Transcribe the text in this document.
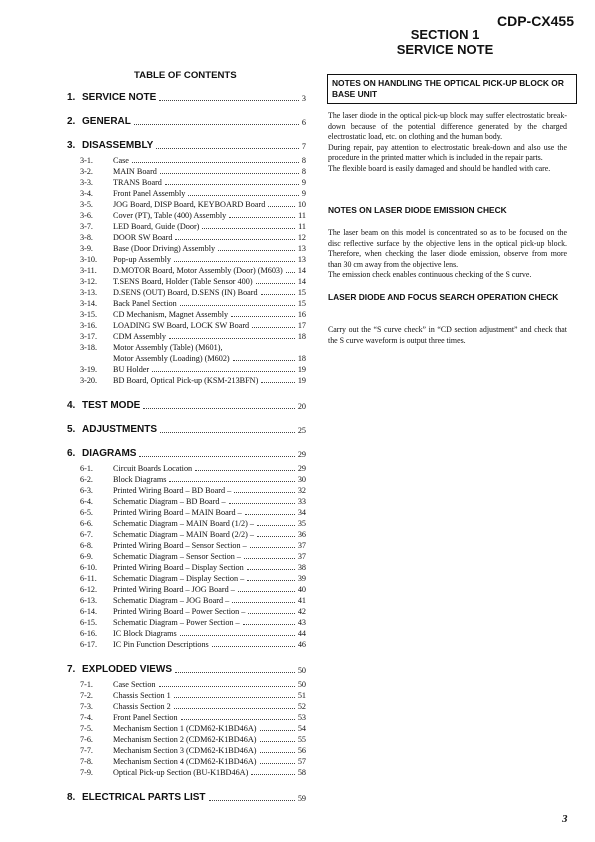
CDP-CX455
SECTION 1
SERVICE NOTE
TABLE OF CONTENTS
1. SERVICE NOTE	3
2. GENERAL	6
3. DISASSEMBLY	7
3-1.	Case	8
3-2.	MAIN Board	8
3-3.	TRANS Board	9
3-4.	Front Panel Assembly	9
3-5.	JOG Board, DISP Board, KEYBOARD Board	10
3-6.	Cover (PT), Table (400) Assembly	11
3-7.	LED Board, Guide (Door)	11
3-8.	DOOR SW Board	12
3-9.	Base (Door Driving) Assembly	13
3-10.	Pop-up Assembly	13
3-11.	D.MOTOR Board, Motor Assembly (Door) (M603) 14
3-12.	T.SENS Board, Holder (Table Sensor 400)	14
3-13.	D.SENS (OUT) Board, D.SENS (IN) Board	15
3-14.	Back Panel Section	15
3-15.	CD Mechanism, Magnet Assembly	16
3-16.	LOADING SW Board, LOCK SW Board	17
3-17.	CDM Assembly	18
3-18.	Motor Assembly (Table) (M601),
Motor Assembly (Loading) (M602)	18
3-19.	BU Holder	19
3-20.	BD Board, Optical Pick-up (KSM-213BFN)	19
4. TEST MODE	20
5. ADJUSTMENTS	25
6. DIAGRAMS	29
6-1.	Circuit Boards Location	29
6-2.	Block Diagrams	30
6-3.	Printed Wiring Board – BD Board –	32
6-4.	Schematic Diagram – BD Board –	33
6-5.	Printed Wiring Board – MAIN Board –	34
6-6.	Schematic Diagram – MAIN Board (1/2) –	35
6-7.	Schematic Diagram – MAIN Board (2/2) –	36
6-8.	Printed Wiring Board – Sensor Section –	37
6-9.	Schematic Diagram – Sensor Section –	37
6-10.	Printed Wiring Board – Display Section	38
6-11.	Schematic Diagram – Display Section –	39
6-12.	Printed Wiring Board – JOG Board –	40
6-13.	Schematic Diagram – JOG Board –	41
6-14.	Printed Wiring Board – Power Section –	42
6-15.	Schematic Diagram – Power Section –	43
6-16.	IC Block Diagrams	44
6-17.	IC Pin Function Descriptions	46
7. EXPLODED VIEWS	50
7-1.	Case Section	50
7-2.	Chassis Section 1	51
7-3.	Chassis Section 2	52
7-4.	Front Panel Section	53
7-5.	Mechanism Section 1 (CDM62-K1BD46A)	54
7-6.	Mechanism Section 2 (CDM62-K1BD46A)	55
7-7.	Mechanism Section 3 (CDM62-K1BD46A)	56
7-8.	Mechanism Section 4 (CDM62-K1BD46A)	57
7-9.	Optical Pick-up Section (BU-K1BD46A)	58
8. ELECTRICAL PARTS LIST	59
NOTES ON HANDLING THE OPTICAL PICK-UP BLOCK OR BASE UNIT

The laser diode in the optical pick-up block may suffer electrostatic break-down because of the potential difference generated by the charged electrostatic load, etc. on clothing and the human body.

During repair, pay attention to electrostatic break-down and also use the procedure in the printed matter which is included in the repair parts.

The flexible board is easily damaged and should be handled with care.

NOTES ON LASER DIODE EMISSION CHECK

The laser beam on this model is concentrated so as to be focused on the disc reflective surface by the objective lens in the optical pick-up block. Therefore, when checking the laser diode emission, observe from more than 30 cm away from the objective lens.

The emission check enables continuous checking of the S curve.

LASER DIODE AND FOCUS SEARCH OPERATION CHECK

Carry out the “S curve check” in “CD section adjustment” and check that the S curve waveform is output three times.

3
